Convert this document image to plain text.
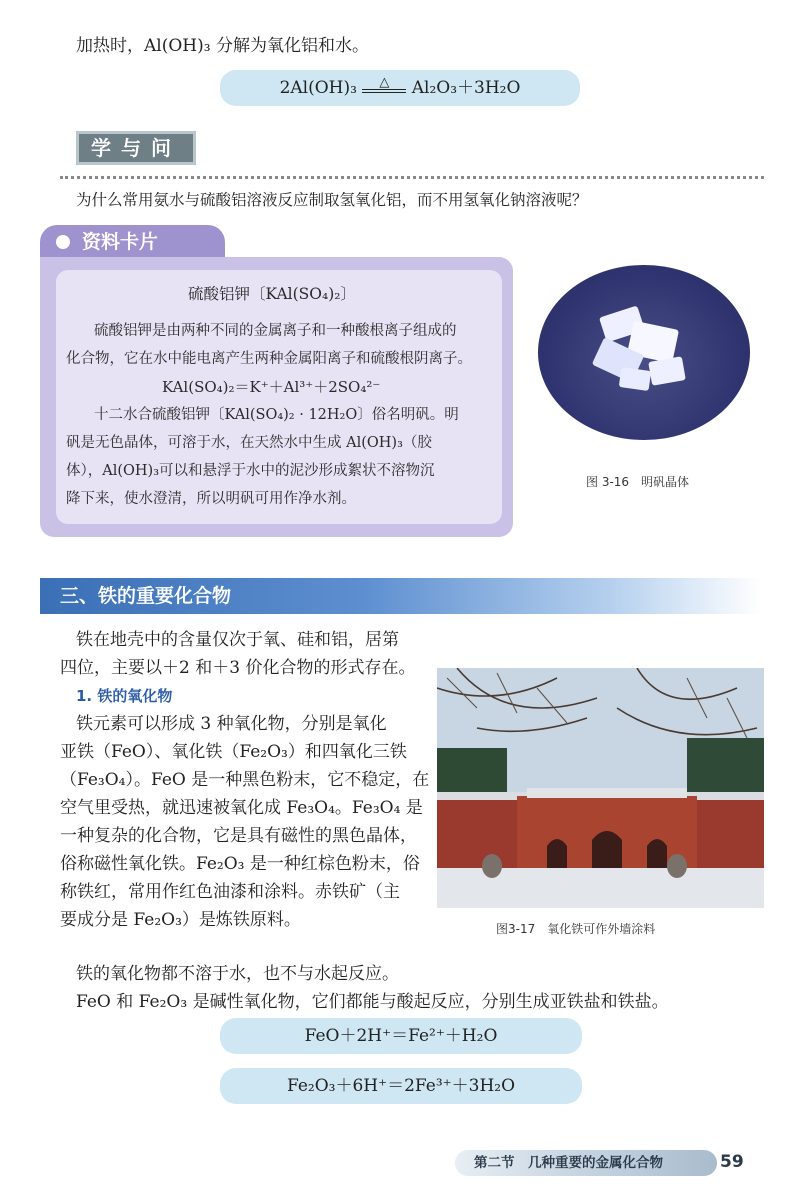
加热时，Al(OH)₃ 分解为氧化铝和水。
2Al(OH)₃	△	Al₂O₃＋3H₂O
学与问
为什么常用氨水与硫酸铝溶液反应制取氢氧化铝，而不用氢氧化钠溶液呢？
资料卡片
硫酸铝钾〔KAl(SO₄)₂〕
硫酸铝钾是由两种不同的金属离子和一种酸根离子组成的
化合物，它在水中能电离产生两种金属阳离子和硫酸根阴离子。
KAl(SO₄)₂＝K⁺＋Al³⁺＋2SO₄²⁻
十二水合硫酸铝钾〔KAl(SO₄)₂ · 12H₂O〕俗名明矾。明
矾是无色晶体，可溶于水，在天然水中生成 Al(OH)₃（胶
体），Al(OH)₃可以和悬浮于水中的泥沙形成絮状不溶物沉
降下来，使水澄清，所以明矾可用作净水剂。
图 3-16　明矾晶体
三、铁的重要化合物
铁在地壳中的含量仅次于氧、硅和铝，居第
四位，主要以＋2 和＋3 价化合物的形式存在。
1. 铁的氧化物
铁元素可以形成 3 种氧化物，分别是氧化
亚铁（FeO）、氧化铁（Fe₂O₃）和四氧化三铁
（Fe₃O₄）。FeO 是一种黑色粉末，它不稳定，在
空气里受热，就迅速被氧化成 Fe₃O₄。Fe₃O₄ 是
一种复杂的化合物，它是具有磁性的黑色晶体，
俗称磁性氧化铁。Fe₂O₃ 是一种红棕色粉末，俗
称铁红，常用作红色油漆和涂料。赤铁矿（主
要成分是 Fe₂O₃）是炼铁原料。	图3-17　氧化铁可作外墙涂料
铁的氧化物都不溶于水，也不与水起反应。
FeO 和 Fe₂O₃ 是碱性氧化物，它们都能与酸起反应，分别生成亚铁盐和铁盐。
FeO＋2H⁺＝Fe²⁺＋H₂O
Fe₂O₃＋6H⁺＝2Fe³⁺＋3H₂O
第二节　几种重要的金属化合物	59
